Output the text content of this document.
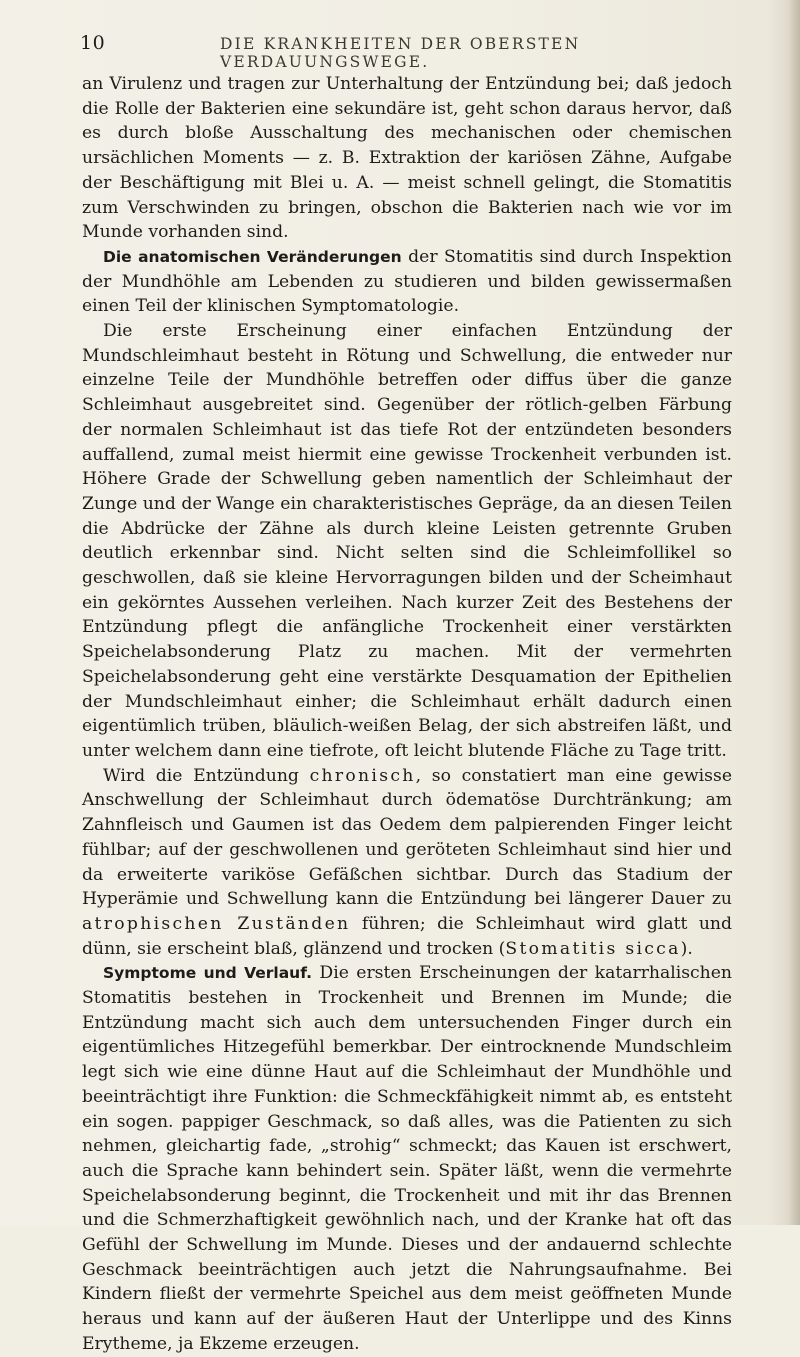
10	DIE KRANKHEITEN DER OBERSTEN VERDAUUNGSWEGE.

an Virulenz und tragen zur Unterhaltung der Entzündung bei; daß jedoch die Rolle der Bakterien eine sekundäre ist, geht schon daraus hervor, daß es durch bloße Ausschaltung des mechanischen oder chemischen ursächlichen Moments — z. B. Extraktion der kariösen Zähne, Aufgabe der Beschäftigung mit Blei u. A. — meist schnell gelingt, die Stomatitis zum Verschwinden zu bringen, obschon die Bakterien nach wie vor im Munde vorhanden sind.

Die anatomischen Veränderungen der Stomatitis sind durch Inspektion der Mundhöhle am Lebenden zu studieren und bilden gewissermaßen einen Teil der klinischen Symptomatologie.

Die erste Erscheinung einer einfachen Entzündung der Mundschleimhaut besteht in Rötung und Schwellung, die entweder nur einzelne Teile der Mundhöhle betreffen oder diffus über die ganze Schleimhaut ausgebreitet sind. Gegenüber der rötlich-gelben Färbung der normalen Schleimhaut ist das tiefe Rot der entzündeten besonders auffallend, zumal meist hiermit eine gewisse Trockenheit verbunden ist. Höhere Grade der Schwellung geben namentlich der Schleimhaut der Zunge und der Wange ein charakteristisches Gepräge, da an diesen Teilen die Abdrücke der Zähne als durch kleine Leisten getrennte Gruben deutlich erkennbar sind. Nicht selten sind die Schleimfollikel so geschwollen, daß sie kleine Hervorragungen bilden und der Scheimhaut ein gekörntes Aussehen verleihen. Nach kurzer Zeit des Bestehens der Entzündung pflegt die anfängliche Trockenheit einer verstärkten Speichelabsonderung Platz zu machen. Mit der vermehrten Speichelabsonderung geht eine verstärkte Desquamation der Epithelien der Mundschleimhaut einher; die Schleimhaut erhält dadurch einen eigentümlich trüben, bläulich-weißen Belag, der sich abstreifen läßt, und unter welchem dann eine tiefrote, oft leicht blutende Fläche zu Tage tritt.

Wird die Entzündung chronisch, so constatiert man eine gewisse Anschwellung der Schleimhaut durch ödematöse Durchtränkung; am Zahnfleisch und Gaumen ist das Oedem dem palpierenden Finger leicht fühlbar; auf der geschwollenen und geröteten Schleimhaut sind hier und da erweiterte variköse Gefäßchen sichtbar. Durch das Stadium der Hyperämie und Schwellung kann die Entzündung bei längerer Dauer zu atrophischen Zuständen führen; die Schleimhaut wird glatt und dünn, sie erscheint blaß, glänzend und trocken (Stomatitis sicca).

Symptome und Verlauf. Die ersten Erscheinungen der katarrhalischen Stomatitis bestehen in Trockenheit und Brennen im Munde; die Entzündung macht sich auch dem untersuchenden Finger durch ein eigentümliches Hitzegefühl bemerkbar. Der eintrocknende Mundschleim legt sich wie eine dünne Haut auf die Schleimhaut der Mundhöhle und beeinträchtigt ihre Funktion: die Schmeckfähigkeit nimmt ab, es entsteht ein sogen. pappiger Geschmack, so daß alles, was die Patienten zu sich nehmen, gleichartig fade, „strohig“ schmeckt; das Kauen ist erschwert, auch die Sprache kann behindert sein. Später läßt, wenn die vermehrte Speichelabsonderung beginnt, die Trockenheit und mit ihr das Brennen und die Schmerzhaftigkeit gewöhnlich nach, und der Kranke hat oft das Gefühl der Schwellung im Munde. Dieses und der andauernd schlechte Geschmack beeinträchtigen auch jetzt die Nahrungsaufnahme. Bei Kindern fließt der vermehrte Speichel aus dem meist geöffneten Munde heraus und kann auf der äußeren Haut der Unterlippe und des Kinns Erytheme, ja Ekzeme erzeugen.
